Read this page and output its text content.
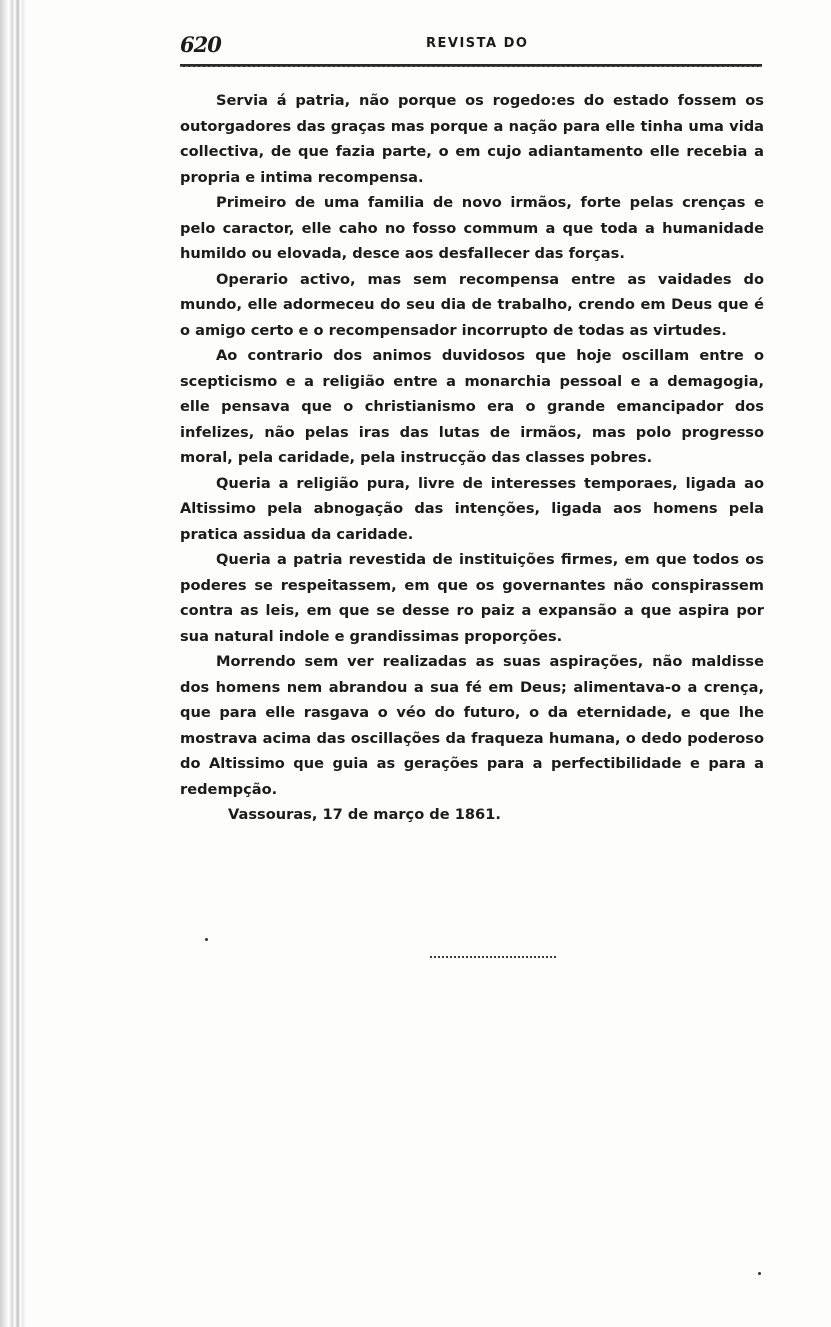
620	REVISTA DO

Servia á patria, não porque os rogedo:es do estado fossem os outorgadores das graças mas porque a nação para elle tinha uma vida collectiva, de que fazia parte, o em cujo adiantamento elle recebia a propria e intima recompensa.

Primeiro de uma familia de novo irmãos, forte pelas crenças e pelo caractor, elle caho no fosso commum a que toda a humanidade humildo ou elovada, desce aos desfallecer das forças.

Operario activo, mas sem recompensa entre as vaidades do mundo, elle adormeceu do seu dia de trabalho, crendo em Deus que é o amigo certo e o recompensador incorrupto de todas as virtudes.

Ao contrario dos animos duvidosos que hoje oscillam entre o scepticismo e a religião entre a monarchia pessoal e a demagogia, elle pensava que o christianismo era o grande emancipador dos infelizes, não pelas iras das lutas de irmãos, mas polo progresso moral, pela caridade, pela instrucção das classes pobres.

Queria a religião pura, livre de interesses temporaes, ligada ao Altissimo pela abnogação das intenções, ligada aos homens pela pratica assidua da caridade.

Queria a patria revestida de instituições firmes, em que todos os poderes se respeitassem, em que os governantes não conspirassem contra as leis, em que se desse ro paiz a expansão a que aspira por sua natural indole e grandissimas proporções.

Morrendo sem ver realizadas as suas aspirações, não maldisse dos homens nem abrandou a sua fé em Deus; alimentava-o a crença, que para elle rasgava o véo do futuro, o da eternidade, e que lhe mostrava acima das oscillações da fraqueza humana, o dedo poderoso do Altissimo que guia as gerações para a perfectibilidade e para a redempção.

Vassouras, 17 de março de 1861.
